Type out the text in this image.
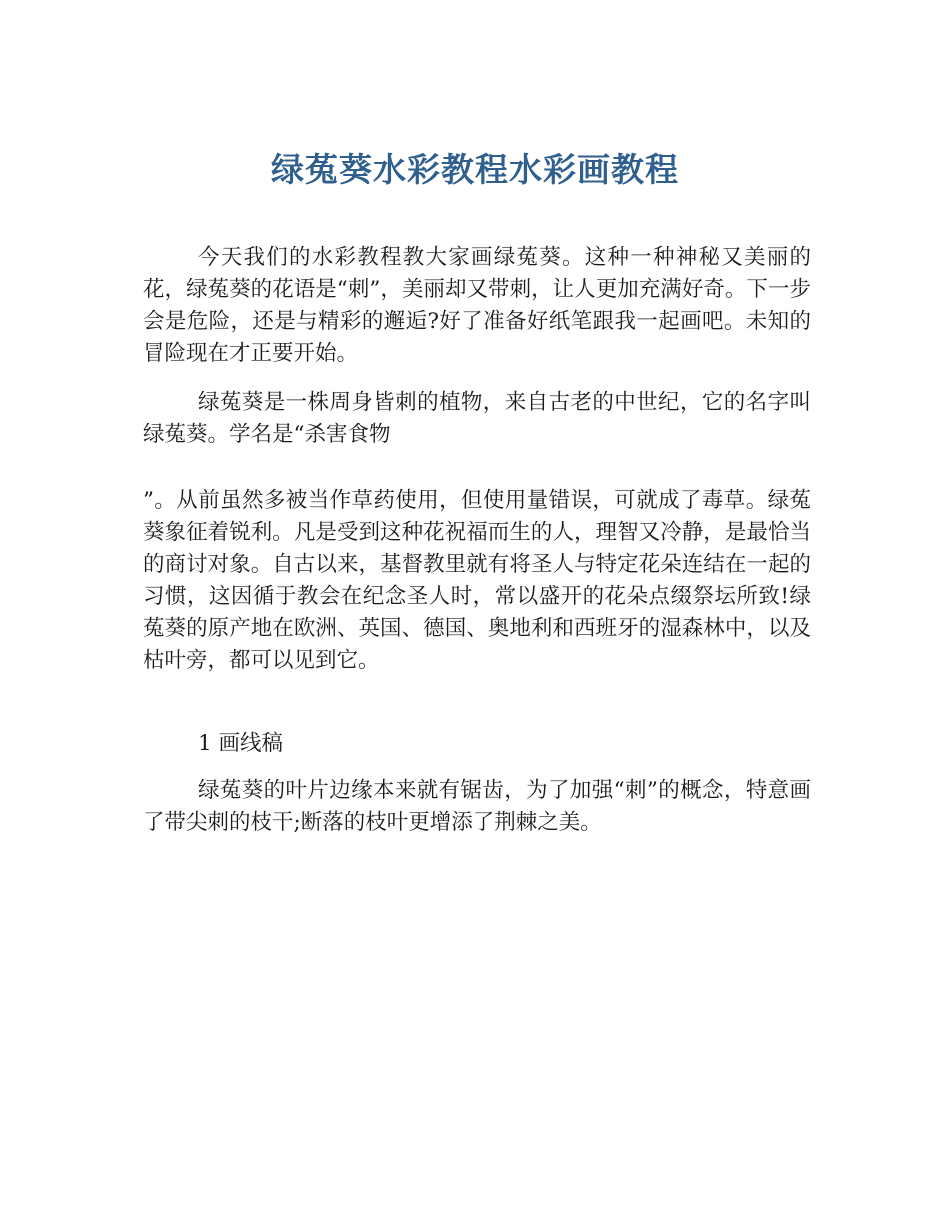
绿菟葵水彩教程水彩画教程

今天我们的水彩教程教大家画绿菟葵。这种一种神秘又美丽的花，绿菟葵的花语是“刺”，美丽却又带刺，让人更加充满好奇。下一步会是危险，还是与精彩的邂逅?好了准备好纸笔跟我一起画吧。未知的冒险现在才正要开始。

绿菟葵是一株周身皆刺的植物，来自古老的中世纪，它的名字叫绿菟葵。学名是“杀害食物

”。从前虽然多被当作草药使用，但使用量错误，可就成了毒草。绿菟葵象征着锐利。凡是受到这种花祝福而生的人，理智又冷静，是最恰当的商讨对象。自古以来，基督教里就有将圣人与特定花朵连结在一起的习惯，这因循于教会在纪念圣人时，常以盛开的花朵点缀祭坛所致!绿菟葵的原产地在欧洲、英国、德国、奥地利和西班牙的湿森林中，以及枯叶旁，都可以见到它。

1 画线稿

绿菟葵的叶片边缘本来就有锯齿，为了加强“刺”的概念，特意画了带尖刺的枝干;断落的枝叶更增添了荆棘之美。
